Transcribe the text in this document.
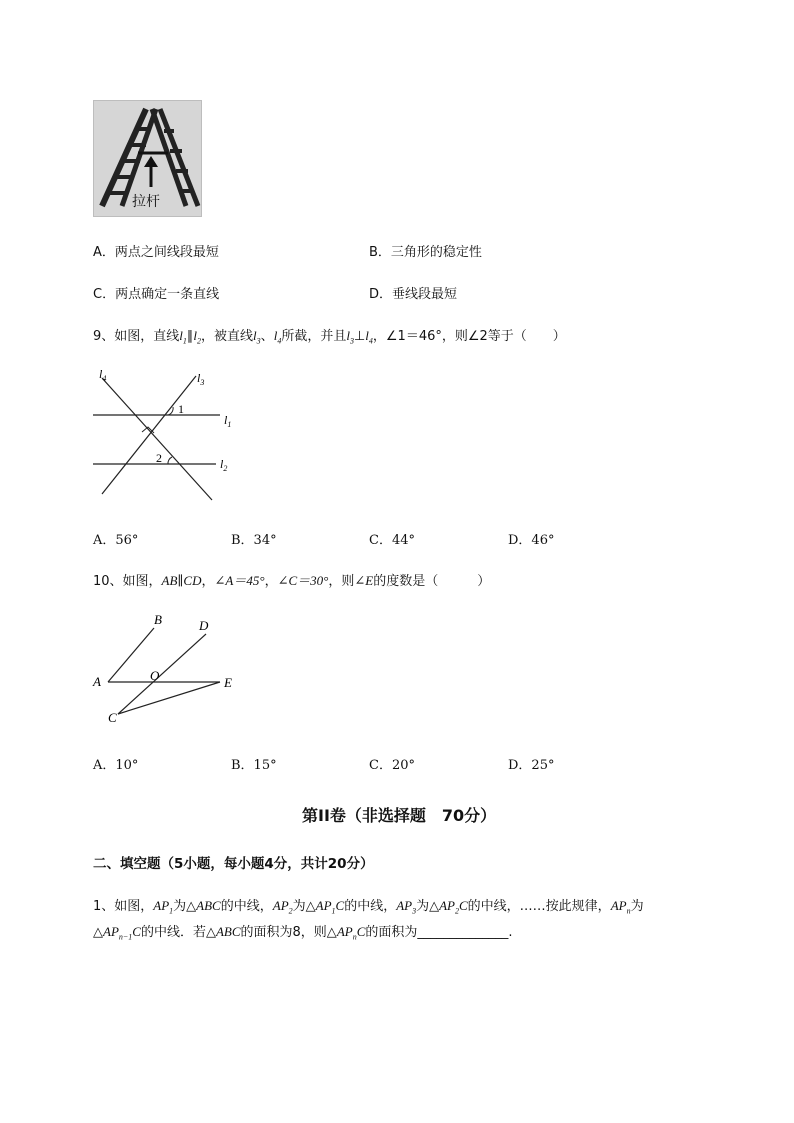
拉杆
A．两点之间线段最短	B．三角形的稳定性
C．两点确定一条直线	D．垂线段最短
9、如图，直线$l_1\parallel l_2$，被直线$l_3$、$l_4$所截，并且$l_3\perp l_4$，∠1＝46°，则∠2等于（　　）
$l_4$	$l_3$
$l_1$
$l_2$
1
2
A．56°	B．34°	C．44°	D．46°
10、如图，AB∥CD，∠A＝45°，∠C＝30°，则∠E的度数是（　　　）
A
B
C
D
O	E
A．10°	B．15°	C．20°	D．25°
第II卷（非选择题　70分）
二、填空题（5小题，每小题4分，共计20分）
1、如图，$AP_1$为△ABC的中线，$AP_2$为$\triangle AP_1C$的中线，$AP_3$为$\triangle AP_2C$的中线，……按此规律，$AP_n$为
$\triangle AP_{n-1}C$的中线．若△ABC的面积为8，则$\triangle AP_nC$的面积为______________.
